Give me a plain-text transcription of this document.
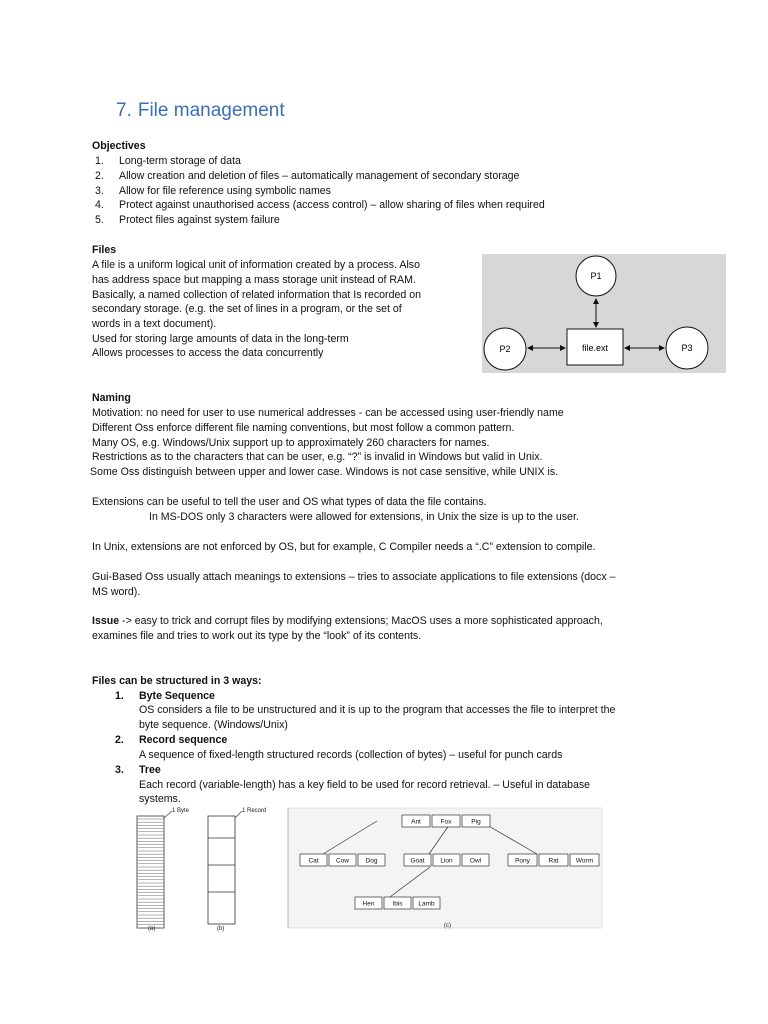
7. File management
Objectives
1. Long-term storage of data
2. Allow creation and deletion of files – automatically management of secondary storage
3. Allow for file reference using symbolic names
4. Protect against unauthorised access (access control) – allow sharing of files when required
5. Protect files against system failure
Files
A file is a uniform logical unit of information created by a process. Also
has address space but mapping a mass storage unit instead of RAM.
Basically, a named collection of related information that Is recorded on
secondary storage. (e.g. the set of lines in a program, or the set of
words in a text document).
Used for storing large amounts of data in the long-term
Allows processes to access the data concurrently
P1
P2	P3
file.ext
Naming
Motivation: no need for user to use numerical addresses - can be accessed using user-friendly name
Different Oss enforce different file naming conventions, but most follow a common pattern.
Many OS, e.g. Windows/Unix support up to approximately 260 characters for names.
Restrictions as to the characters that can be user, e.g. “?” is invalid in Windows but valid in Unix.
Some Oss distinguish between upper and lower case. Windows is not case sensitive, while UNIX is.
Extensions can be useful to tell the user and OS what types of data the file contains.
In MS-DOS only 3 characters were allowed for extensions, in Unix the size is up to the user.
In Unix, extensions are not enforced by OS, but for example, C Compiler needs a “.C” extension to compile.
Gui-Based Oss usually attach meanings to extensions – tries to associate applications to file extensions (docx –
MS word).
Issue -> easy to trick and corrupt files by modifying extensions; MacOS uses a more sophisticated approach,
examines file and tries to work out its type by the “look” of its contents.
Files can be structured in 3 ways:
1. Byte Sequence
OS considers a file to be unstructured and it is up to the program that accesses the file to interpret the
byte sequence. (Windows/Unix)
2. Record sequence
A sequence of fixed-length structured records (collection of bytes) – useful for punch cards
3. Tree
Each record (variable-length) has a key field to be used for record retrieval. – Useful in database
systems.
1 Byte
(a)
1 Record
(b)
Ant	Fox	Pig
Cat	Cow	Dog	Goat Lion	Owl	Pony	Rat	Worm
Hen	Ibis Lamb
(c)
